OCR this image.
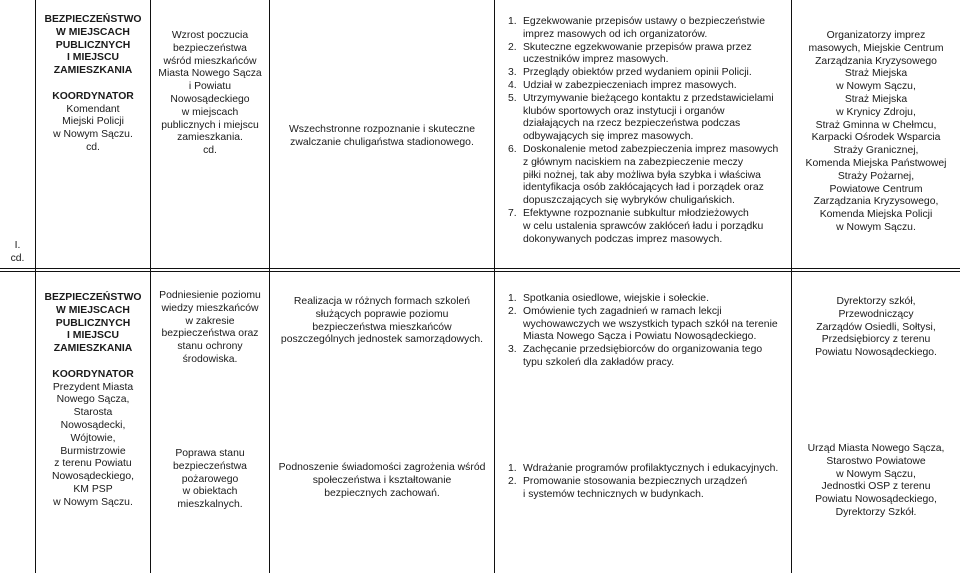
I.
cd.
BEZPIECZEŃSTWO
W MIEJSCACH
PUBLICZNYCH
I MIEJSCU
ZAMIESZKANIA
KOORDYNATOR
Komendant
Miejski Policji
w Nowym Sączu.
cd.
Wzrost poczucia
bezpieczeństwa
wśród mieszkańców
Miasta Nowego Sącza
i Powiatu
Nowosądeckiego
w miejscach
publicznych i miejscu
zamieszkania.
cd.
Wszechstronne rozpoznanie i skuteczne
zwalczanie chuligaństwa stadionowego.
1. Egzekwowanie przepisów ustawy o bezpieczeństwie
imprez masowych od ich organizatorów.
2. Skuteczne egzekwowanie przepisów prawa przez
uczestników imprez masowych.
3. Przeglądy obiektów przed wydaniem opinii Policji.
4. Udział w zabezpieczeniach imprez masowych.
5. Utrzymywanie bieżącego kontaktu z przedstawicielami
klubów sportowych oraz instytucji i organów
działających na rzecz bezpieczeństwa podczas
odbywających się imprez masowych.
6. Doskonalenie metod zabezpieczenia imprez masowych
z głównym naciskiem na zabezpieczenie meczy
piłki nożnej, tak aby możliwa była szybka i właściwa
identyfikacja osób zakłócających ład i porządek oraz
dopuszczających się wybryków chuligańskich.
7. Efektywne rozpoznanie subkultur młodzieżowych
w celu ustalenia sprawców zakłóceń ładu i porządku
dokonywanych podczas imprez masowych.
Organizatorzy imprez
masowych, Miejskie Centrum
Zarządzania Kryzysowego
Straż Miejska
w Nowym Sączu,
Straż Miejska
w Krynicy Zdroju,
Straż Gminna w Chełmcu,
Karpacki Ośrodek Wsparcia
Straży Granicznej,
Komenda Miejska Państwowej
Straży Pożarnej,
Powiatowe Centrum
Zarządzania Kryzysowego,
Komenda Miejska Policji
w Nowym Sączu.
BEZPIECZEŃSTWO
W MIEJSCACH
PUBLICZNYCH
I MIEJSCU
ZAMIESZKANIA
KOORDYNATOR
Prezydent Miasta
Nowego Sącza,
Starosta
Nowosądecki,
Wójtowie,
Burmistrzowie
z terenu Powiatu
Nowosądeckiego,
KM PSP
w Nowym Sączu.
Podniesienie poziomu
wiedzy mieszkańców
w zakresie
bezpieczeństwa oraz
stanu ochrony
środowiska.
Poprawa stanu
bezpieczeństwa
pożarowego
w obiektach
mieszkalnych.
Realizacja w różnych formach szkoleń
służących poprawie poziomu
bezpieczeństwa mieszkańców
poszczególnych jednostek samorządowych.
Podnoszenie świadomości zagrożenia wśród
społeczeństwa i kształtowanie
bezpiecznych zachowań.
1. Spotkania osiedlowe, wiejskie i sołeckie.
2. Omówienie tych zagadnień w ramach lekcji
wychowawczych we wszystkich typach szkół na terenie
Miasta Nowego Sącza i Powiatu Nowosądeckiego.
3. Zachęcanie przedsiębiorców do organizowania tego
typu szkoleń dla zakładów pracy.
1. Wdrażanie programów profilaktycznych i edukacyjnych.
2. Promowanie stosowania bezpiecznych urządzeń
i systemów technicznych w budynkach.
Dyrektorzy szkół,
Przewodniczący
Zarządów Osiedli, Sołtysi,
Przedsiębiorcy z terenu
Powiatu Nowosądeckiego.
Urząd Miasta Nowego Sącza,
Starostwo Powiatowe
w Nowym Sączu,
Jednostki OSP z terenu
Powiatu Nowosądeckiego,
Dyrektorzy Szkół.
